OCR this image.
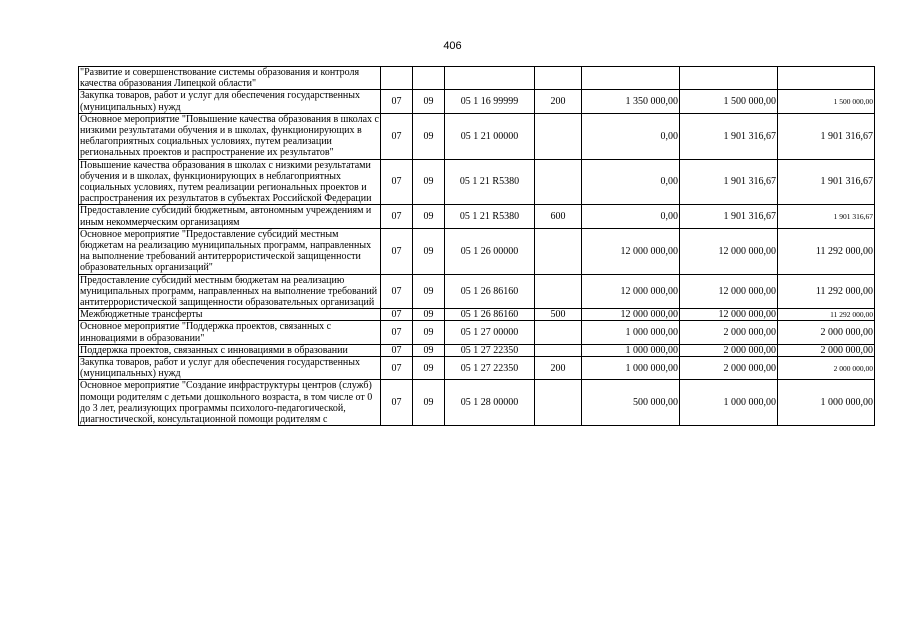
406
"Развитие и совершенствование системы образования и контроля качества образования Липецкой области"							
Закупка товаров, работ и услуг для обеспечения государственных (муниципальных) нужд	07	09	05 1 16 99999	200	1 350 000,00	1 500 000,00	1 500 000,00
Основное мероприятие "Повышение качества образования в школах с низкими результатами обучения и в школах, функционирующих в неблагоприятных социальных условиях, путем реализации региональных проектов и распространение их результатов"	07	09	05 1 21 00000		0,00	1 901 316,67	1 901 316,67
Повышение качества образования в школах с низкими результатами обучения и в школах, функционирующих в неблагоприятных социальных условиях, путем реализации региональных проектов и распространения их результатов в субъектах Российской Федерации	07	09	05 1 21 R5380		0,00	1 901 316,67	1 901 316,67
Предоставление субсидий бюджетным, автономным учреждениям и иным некоммерческим организациям	07	09	05 1 21 R5380	600	0,00	1 901 316,67	1 901 316,67
Основное мероприятие "Предоставление субсидий местным бюджетам на реализацию муниципальных программ, направленных на выполнение требований антитеррористической защищенности образовательных организаций"	07	09	05 1 26 00000		12 000 000,00	12 000 000,00	11 292 000,00
Предоставление субсидий местным бюджетам на реализацию муниципальных программ, направленных на выполнение требований антитеррористической защищенности образовательных организаций	07	09	05 1 26 86160		12 000 000,00	12 000 000,00	11 292 000,00
Межбюджетные трансферты	07	09	05 1 26 86160	500	12 000 000,00	12 000 000,00	11 292 000,00
Основное мероприятие "Поддержка проектов, связанных с инновациями в образовании"	07	09	05 1 27 00000		1 000 000,00	2 000 000,00	2 000 000,00
Поддержка проектов, связанных с инновациями в образовании	07	09	05 1 27 22350		1 000 000,00	2 000 000,00	2 000 000,00
Закупка товаров, работ и услуг для обеспечения государственных (муниципальных) нужд	07	09	05 1 27 22350	200	1 000 000,00	2 000 000,00	2 000 000,00
Основное мероприятие "Создание инфраструктуры центров (служб) помощи родителям с детьми дошкольного возраста, в том числе от 0 до 3 лет, реализующих программы психолого-педагогической, диагностической, консультационной помощи родителям с	07	09	05 1 28 00000		500 000,00	1 000 000,00	1 000 000,00
